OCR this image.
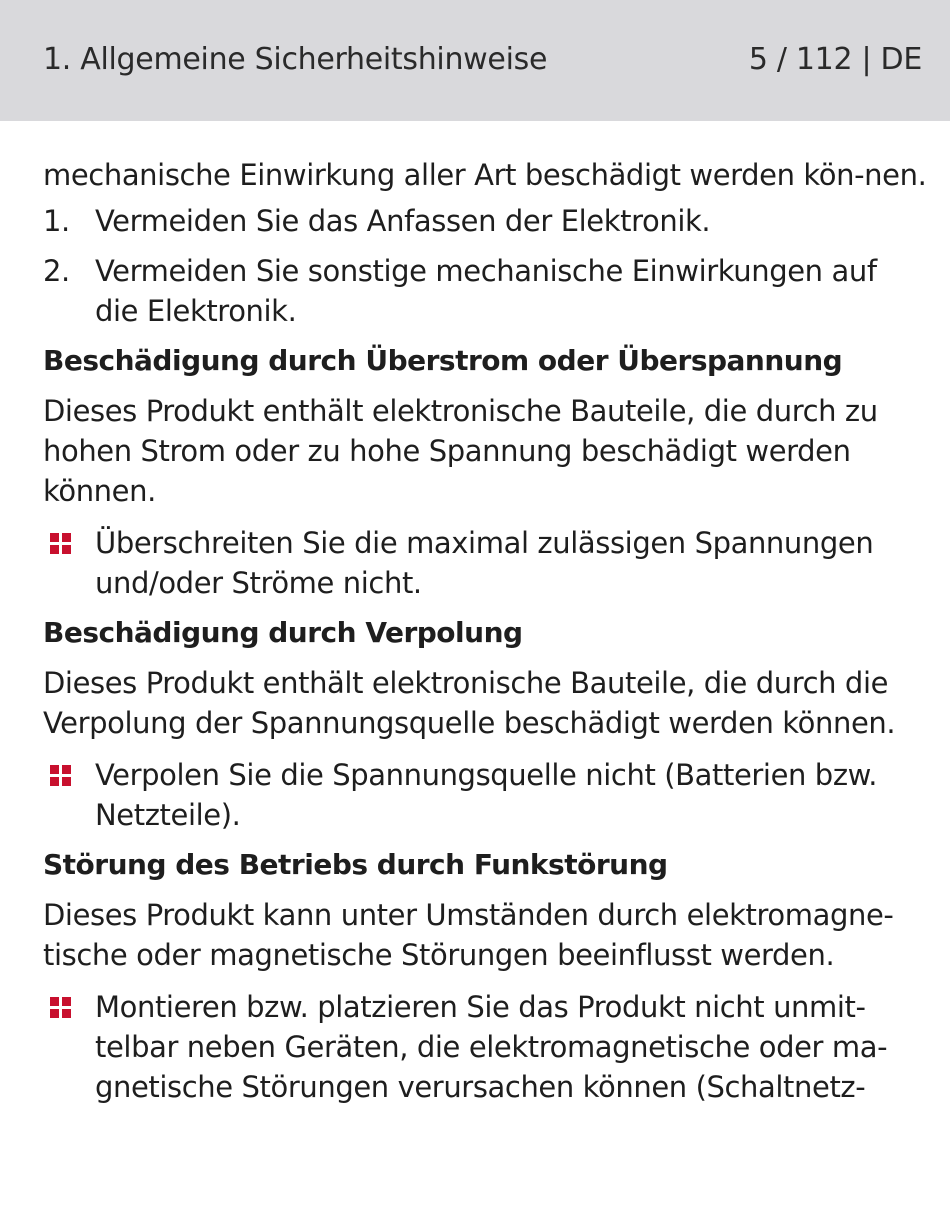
1. Allgemeine Sicherheitshinweise	5 / 112 | DE

mechanische Einwirkung aller Art beschädigt werden kön-nen.

1. Vermeiden Sie das Anfassen der Elektronik.
2. Vermeiden Sie sonstige mechanische Einwirkungen auf die Elektronik.

Beschädigung durch Überstrom oder Überspannung

Dieses Produkt enthält elektronische Bauteile, die durch zu hohen Strom oder zu hohe Spannung beschädigt werden können.

Überschreiten Sie die maximal zulässigen Spannungen und/oder Ströme nicht.

Beschädigung durch Verpolung

Dieses Produkt enthält elektronische Bauteile, die durch die Verpolung der Spannungsquelle beschädigt werden können.

Verpolen Sie die Spannungsquelle nicht (Batterien bzw. Netzteile).

Störung des Betriebs durch Funkstörung

Dieses Produkt kann unter Umständen durch elektromagne-tische oder magnetische Störungen beeinflusst werden.

Montieren bzw. platzieren Sie das Produkt nicht unmit-telbar neben Geräten, die elektromagnetische oder ma-gnetische Störungen verursachen können (Schaltnetz-
